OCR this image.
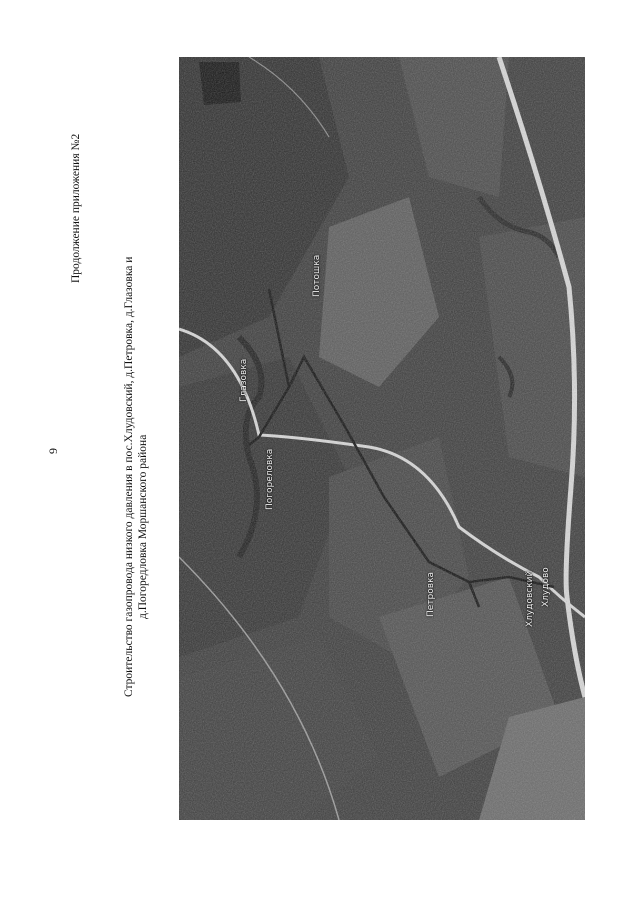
9
Продолжение приложения №2
Строительство газопровода низкого давления в пос.Хлудовский, д.Петровка, д.Глазовка и д.Погоредловка Моршанского района
Глазовка
Погореловка
Потошка
Петровка	Хлудовский Хлудово
